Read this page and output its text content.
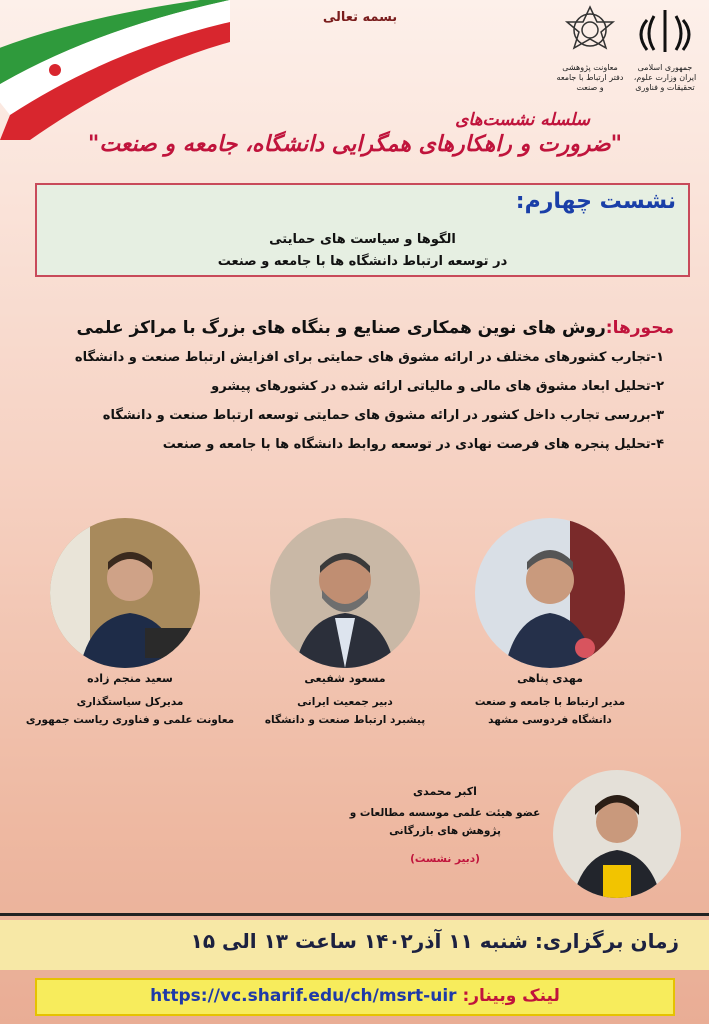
بسمه تعالی
معاونت پژوهشی دفتر ارتباط با جامعه و صنعت
جمهوری اسلامی ایران وزارت علوم، تحقیقات و فناوری
سلسله نشست‌های
"ضرورت و راهکارهای همگرایی دانشگاه، جامعه و صنعت"
نشست چهارم:
الگوها و سیاست های حمایتی
در توسعه ارتباط دانشگاه ها با جامعه و صنعت
محورها:روش های نوین همکاری صنایع و بنگاه های بزرگ با مراکز علمی
۱-تجارب کشورهای مختلف در ارائه مشوق های حمایتی برای افزایش ارتباط صنعت و دانشگاه
۲-تحلیل ابعاد مشوق های مالی و مالیاتی ارائه شده در کشورهای پیشرو
۳-بررسی تجارب داخل کشور در ارائه مشوق های حمایتی توسعه ارتباط صنعت و دانشگاه
۴-تحلیل پنجره های فرصت نهادی در توسعه روابط دانشگاه ها با جامعه و صنعت
مهدی پناهی
مدیر ارتباط با جامعه و صنعت
دانشگاه فردوسی مشهد
مسعود شفیعی
دبیر جمعیت ایرانی
پیشبرد ارتباط صنعت و دانشگاه
سعید منجم زاده
مدیرکل سیاستگذاری
معاونت علمی و فناوری ریاست جمهوری
اکبر محمدی
عضو هیئت علمی موسسه مطالعات و
پژوهش های بازرگانی
(دبیر نشست)
زمان برگزاری: شنبه ۱۱ آذر۱۴۰۲ ساعت ۱۳ الی ۱۵
لینک وبینار: https://vc.sharif.edu/ch/msrt-uir
